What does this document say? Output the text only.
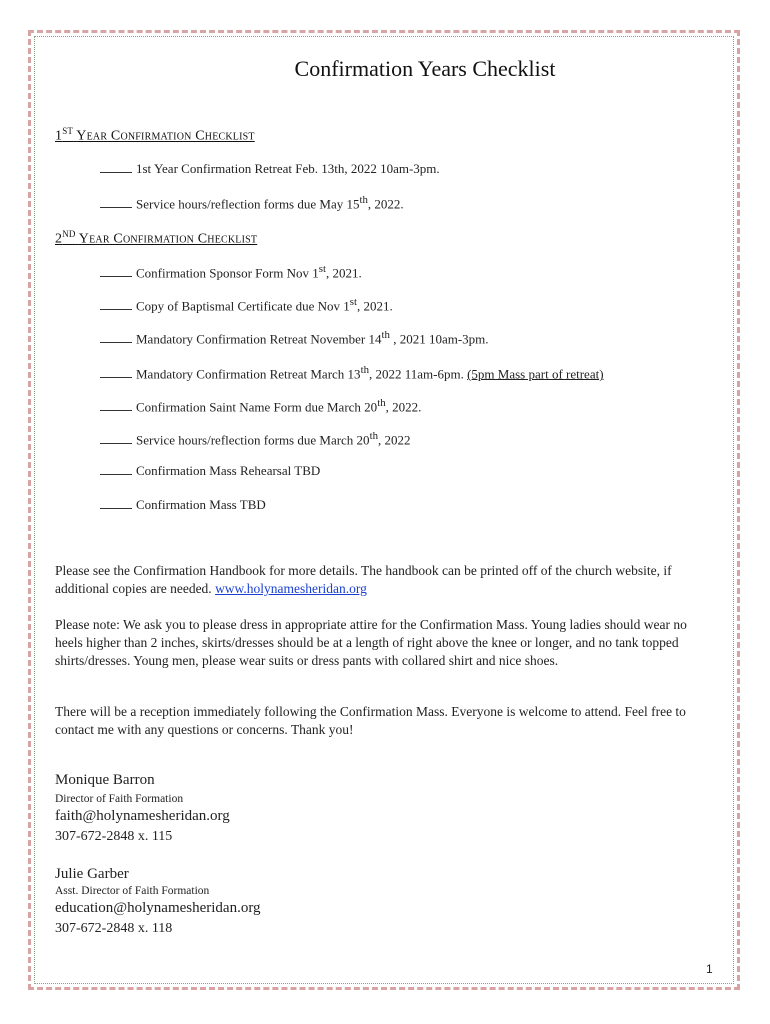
Confirmation Years Checklist
1ST Year Confirmation Checklist
1st Year Confirmation Retreat Feb. 13th, 2022 10am-3pm.
Service hours/reflection forms due May 15th, 2022.
2ND Year Confirmation Checklist
Confirmation Sponsor Form Nov 1st, 2021.
Copy of Baptismal Certificate due Nov 1st, 2021.
Mandatory Confirmation Retreat November 14th , 2021 10am-3pm.
Mandatory Confirmation Retreat March 13th, 2022 11am-6pm. (5pm Mass part of retreat)
Confirmation Saint Name Form due March 20th, 2022.
Service hours/reflection forms due March 20th, 2022
Confirmation Mass Rehearsal TBD
Confirmation Mass TBD
Please see the Confirmation Handbook for more details. The handbook can be printed off of the church website, if additional copies are needed. www.holynamesheridan.org
Please note: We ask you to please dress in appropriate attire for the Confirmation Mass. Young ladies should wear no heels higher than 2 inches, skirts/dresses should be at a length of right above the knee or longer, and no tank topped shirts/dresses. Young men, please wear suits or dress pants with collared shirt and nice shoes.
There will be a reception immediately following the Confirmation Mass. Everyone is welcome to attend. Feel free to contact me with any questions or concerns. Thank you!
Monique Barron
Director of Faith Formation
faith@holynamesheridan.org
307-672-2848 x. 115
Julie Garber
Asst. Director of Faith Formation
education@holynamesheridan.org
307-672-2848 x. 118
1
